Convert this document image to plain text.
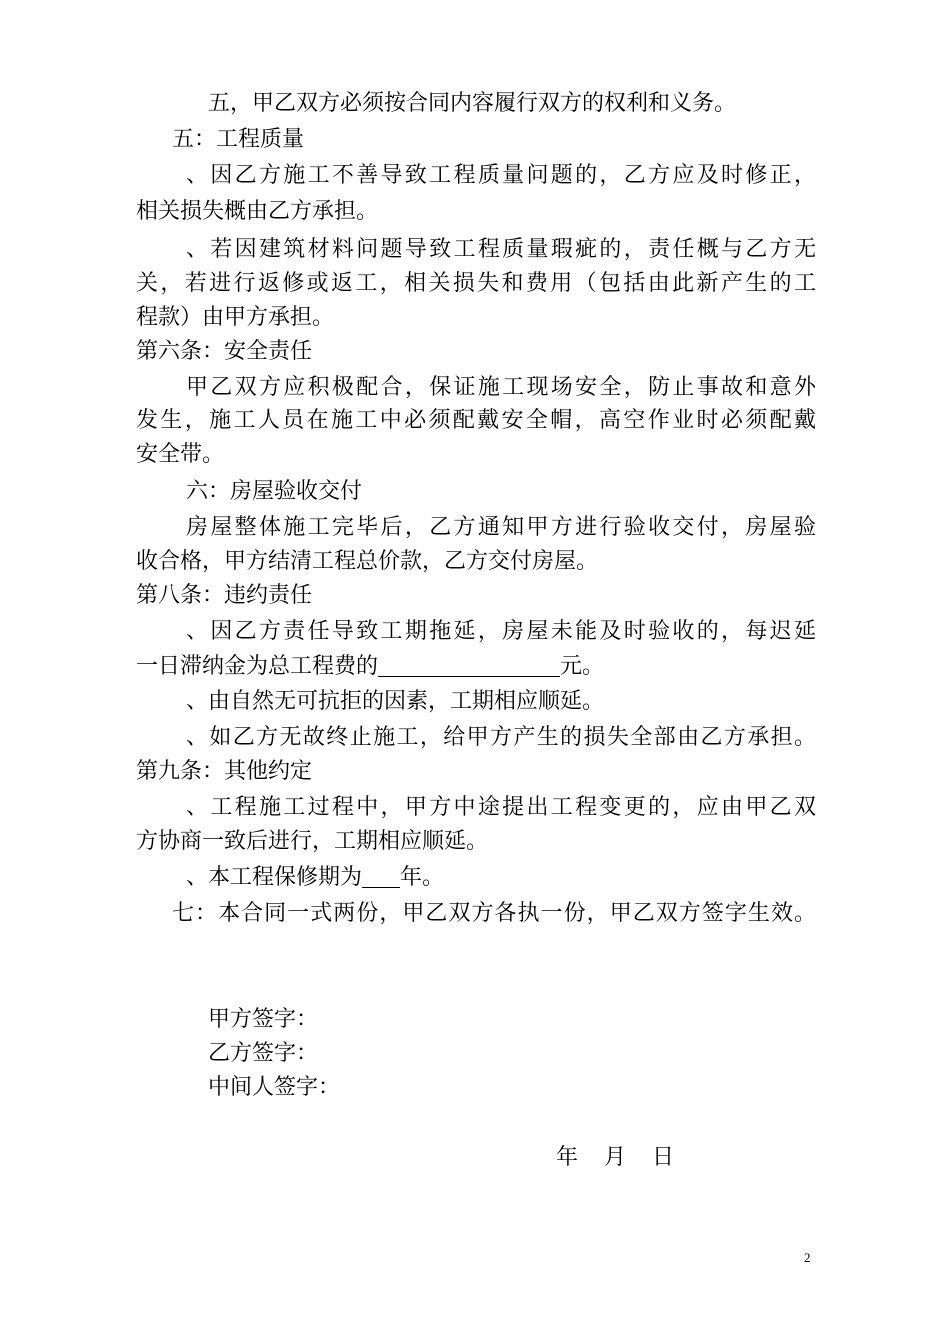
五，甲乙双方必须按合同内容履行双方的权利和义务。
五：工程质量
、因乙方施工不善导致工程质量问题的，乙方应及时修正，
相关损失概由乙方承担。
、若因建筑材料问题导致工程质量瑕疵的，责任概与乙方无
关，若进行返修或返工，相关损失和费用（包括由此新产生的工
程款）由甲方承担。
第六条：安全责任
甲乙双方应积极配合，保证施工现场安全，防止事故和意外
发生，施工人员在施工中必须配戴安全帽，高空作业时必须配戴
安全带。
六：房屋验收交付
房屋整体施工完毕后，乙方通知甲方进行验收交付，房屋验
收合格，甲方结清工程总价款，乙方交付房屋。
第八条：违约责任
、因乙方责任导致工期拖延，房屋未能及时验收的，每迟延
一日滞纳金为总工程费的	元。
、由自然无可抗拒的因素，工期相应顺延。
、如乙方无故终止施工，给甲方产生的损失全部由乙方承担。
第九条：其他约定
、工程施工过程中，甲方中途提出工程变更的，应由甲乙双
方协商一致后进行，工期相应顺延。
、本工程保修期为 年。
七：本合同一式两份，甲乙双方各执一份，甲乙双方签字生效。
甲方签字：
乙方签字：
中间人签字：
年 月 日
2
